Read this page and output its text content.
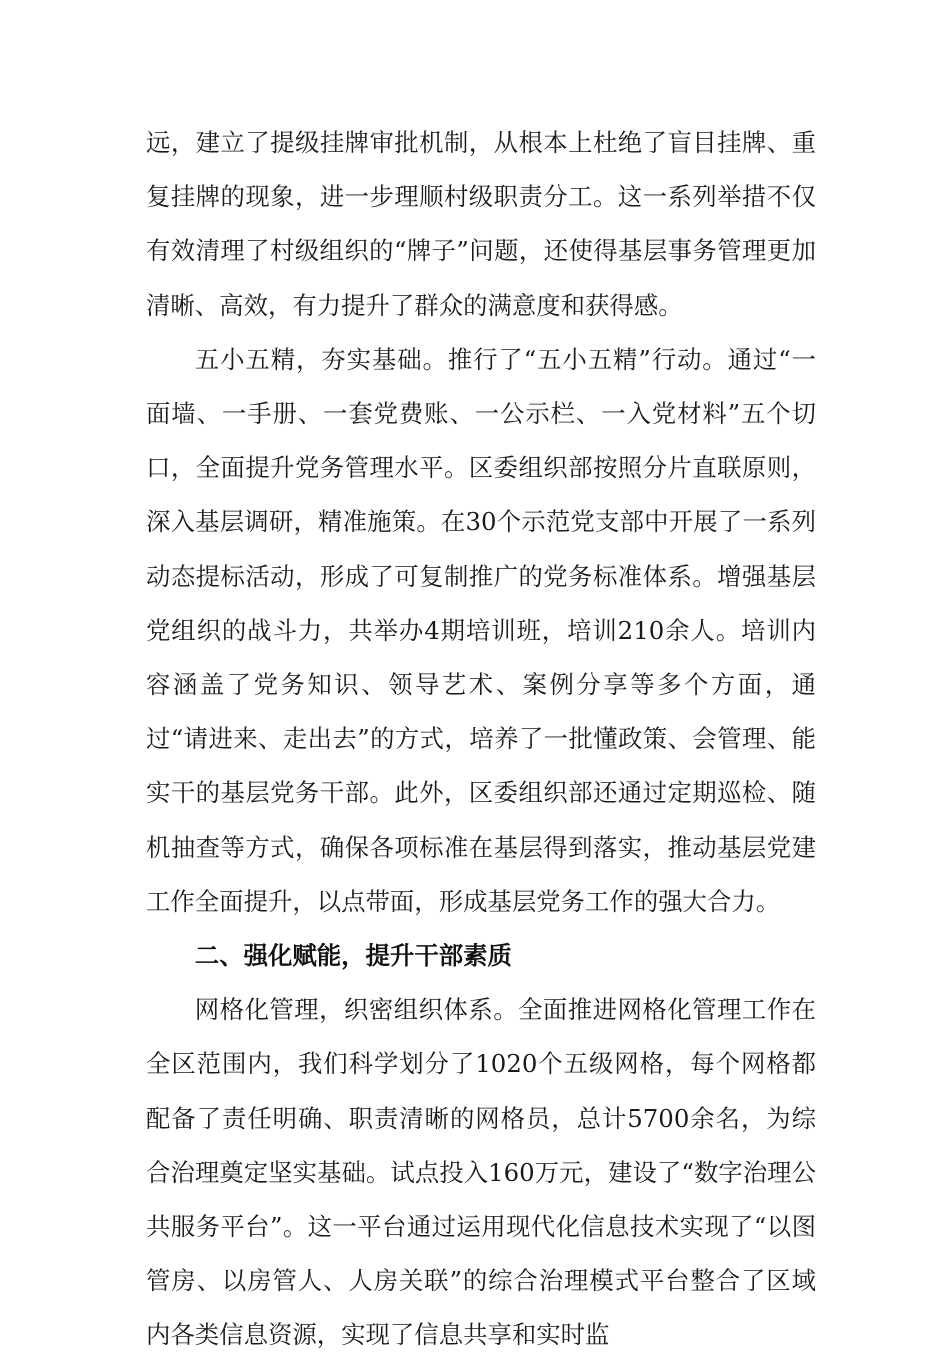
远，建立了提级挂牌审批机制，从根本上杜绝了盲目挂牌、重复挂牌的现象，进一步理顺村级职责分工。这一系列举措不仅有效清理了村级组织的“牌子”问题，还使得基层事务管理更加清晰、高效，有力提升了群众的满意度和获得感。

五小五精，夯实基础。推行了“五小五精”行动。通过“一面墙、一手册、一套党费账、一公示栏、一入党材料”五个切口，全面提升党务管理水平。区委组织部按照分片直联原则，深入基层调研，精准施策。在30个示范党支部中开展了一系列动态提标活动，形成了可复制推广的党务标准体系。增强基层党组织的战斗力，共举办4期培训班，培训210余人。培训内容涵盖了党务知识、领导艺术、案例分享等多个方面，通过“请进来、走出去”的方式，培养了一批懂政策、会管理、能实干的基层党务干部。此外，区委组织部还通过定期巡检、随机抽查等方式，确保各项标准在基层得到落实，推动基层党建工作全面提升，以点带面，形成基层党务工作的强大合力。

二、强化赋能，提升干部素质

网格化管理，织密组织体系。全面推进网格化管理工作在全区范围内，我们科学划分了1020个五级网格，每个网格都配备了责任明确、职责清晰的网格员，总计5700余名，为综合治理奠定坚实基础。试点投入160万元，建设了“数字治理公共服务平台”。这一平台通过运用现代化信息技术实现了“以图管房、以房管人、人房关联”的综合治理模式平台整合了区域内各类信息资源，实现了信息共享和实时监
